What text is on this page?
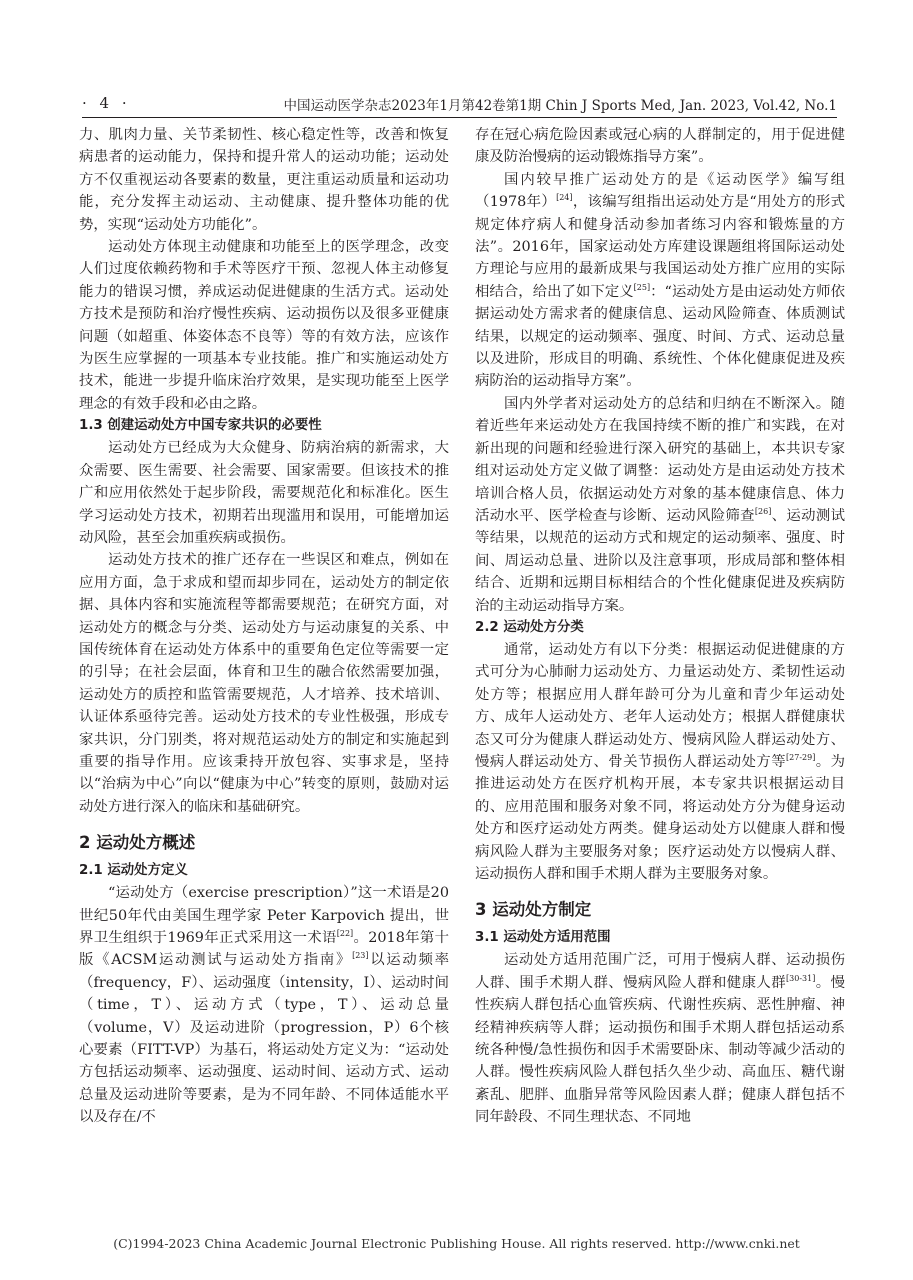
· 4 ·	中国运动医学杂志2023年1月第42卷第1期 Chin J Sports Med, Jan. 2023, Vol.42, No.1

力、肌肉力量、关节柔韧性、核心稳定性等，改善和恢复病患者的运动能力，保持和提升常人的运动功能；运动处方不仅重视运动各要素的数量，更注重运动质量和运动功能，充分发挥主动运动、主动健康、提升整体功能的优势，实现“运动处方功能化”。

运动处方体现主动健康和功能至上的医学理念，改变人们过度依赖药物和手术等医疗干预、忽视人体主动修复能力的错误习惯，养成运动促进健康的生活方式。运动处方技术是预防和治疗慢性疾病、运动损伤以及很多亚健康问题（如超重、体姿体态不良等）等的有效方法，应该作为医生应掌握的一项基本专业技能。推广和实施运动处方技术，能进一步提升临床治疗效果，是实现功能至上医学理念的有效手段和必由之路。

1.3 创建运动处方中国专家共识的必要性

运动处方已经成为大众健身、防病治病的新需求，大众需要、医生需要、社会需要、国家需要。但该技术的推广和应用依然处于起步阶段，需要规范化和标准化。医生学习运动处方技术，初期若出现滥用和误用，可能增加运动风险，甚至会加重疾病或损伤。

运动处方技术的推广还存在一些误区和难点，例如在应用方面，急于求成和望而却步同在，运动处方的制定依据、具体内容和实施流程等都需要规范；在研究方面，对运动处方的概念与分类、运动处方与运动康复的关系、中国传统体育在运动处方体系中的重要角色定位等需要一定的引导；在社会层面，体育和卫生的融合依然需要加强，运动处方的质控和监管需要规范，人才培养、技术培训、认证体系亟待完善。运动处方技术的专业性极强，形成专家共识，分门别类，将对规范运动处方的制定和实施起到重要的指导作用。应该秉持开放包容、实事求是，坚持以“治病为中心”向以“健康为中心”转变的原则，鼓励对运动处方进行深入的临床和基础研究。

2 运动处方概述
2.1 运动处方定义

“运动处方（exercise prescription）”这一术语是20世纪50年代由美国生理学家 Peter Karpovich 提出，世界卫生组织于1969年正式采用这一术语[22]。2018年第十版《ACSM运动测试与运动处方指南》[23]以运动频率（frequency，F）、运动强度（intensity，I）、运动时间（time，T）、运动方式（type，T）、运动总量（volume，V）及运动进阶（progression，P）6个核心要素（FITT-VP）为基石，将运动处方定义为：“运动处方包括运动频率、运动强度、运动时间、运动方式、运动总量及运动进阶等要素，是为不同年龄、不同体适能水平以及存在/不

存在冠心病危险因素或冠心病的人群制定的，用于促进健康及防治慢病的运动锻炼指导方案”。

国内较早推广运动处方的是《运动医学》编写组（1978年）[24]，该编写组指出运动处方是“用处方的形式规定体疗病人和健身活动参加者练习内容和锻炼量的方法”。2016年，国家运动处方库建设课题组将国际运动处方理论与应用的最新成果与我国运动处方推广应用的实际相结合，给出了如下定义[25]：“运动处方是由运动处方师依据运动处方需求者的健康信息、运动风险筛查、体质测试结果，以规定的运动频率、强度、时间、方式、运动总量以及进阶，形成目的明确、系统性、个体化健康促进及疾病防治的运动指导方案”。

国内外学者对运动处方的总结和归纳在不断深入。随着近些年来运动处方在我国持续不断的推广和实践，在对新出现的问题和经验进行深入研究的基础上，本共识专家组对运动处方定义做了调整：运动处方是由运动处方技术培训合格人员，依据运动处方对象的基本健康信息、体力活动水平、医学检查与诊断、运动风险筛查[26]、运动测试等结果，以规范的运动方式和规定的运动频率、强度、时间、周运动总量、进阶以及注意事项，形成局部和整体相结合、近期和远期目标相结合的个性化健康促进及疾病防治的主动运动指导方案。

2.2 运动处方分类

通常，运动处方有以下分类：根据运动促进健康的方式可分为心肺耐力运动处方、力量运动处方、柔韧性运动处方等；根据应用人群年龄可分为儿童和青少年运动处方、成年人运动处方、老年人运动处方；根据人群健康状态又可分为健康人群运动处方、慢病风险人群运动处方、慢病人群运动处方、骨关节损伤人群运动处方等[27-29]。为推进运动处方在医疗机构开展，本专家共识根据运动目的、应用范围和服务对象不同，将运动处方分为健身运动处方和医疗运动处方两类。健身运动处方以健康人群和慢病风险人群为主要服务对象；医疗运动处方以慢病人群、运动损伤人群和围手术期人群为主要服务对象。

3 运动处方制定
3.1 运动处方适用范围

运动处方适用范围广泛，可用于慢病人群、运动损伤人群、围手术期人群、慢病风险人群和健康人群[30-31]。慢性疾病人群包括心血管疾病、代谢性疾病、恶性肿瘤、神经精神疾病等人群；运动损伤和围手术期人群包括运动系统各种慢/急性损伤和因手术需要卧床、制动等减少活动的人群。慢性疾病风险人群包括久坐少动、高血压、糖代谢紊乱、肥胖、血脂异常等风险因素人群；健康人群包括不同年龄段、不同生理状态、不同地

(C)1994-2023 China Academic Journal Electronic Publishing House. All rights reserved. http://www.cnki.net
